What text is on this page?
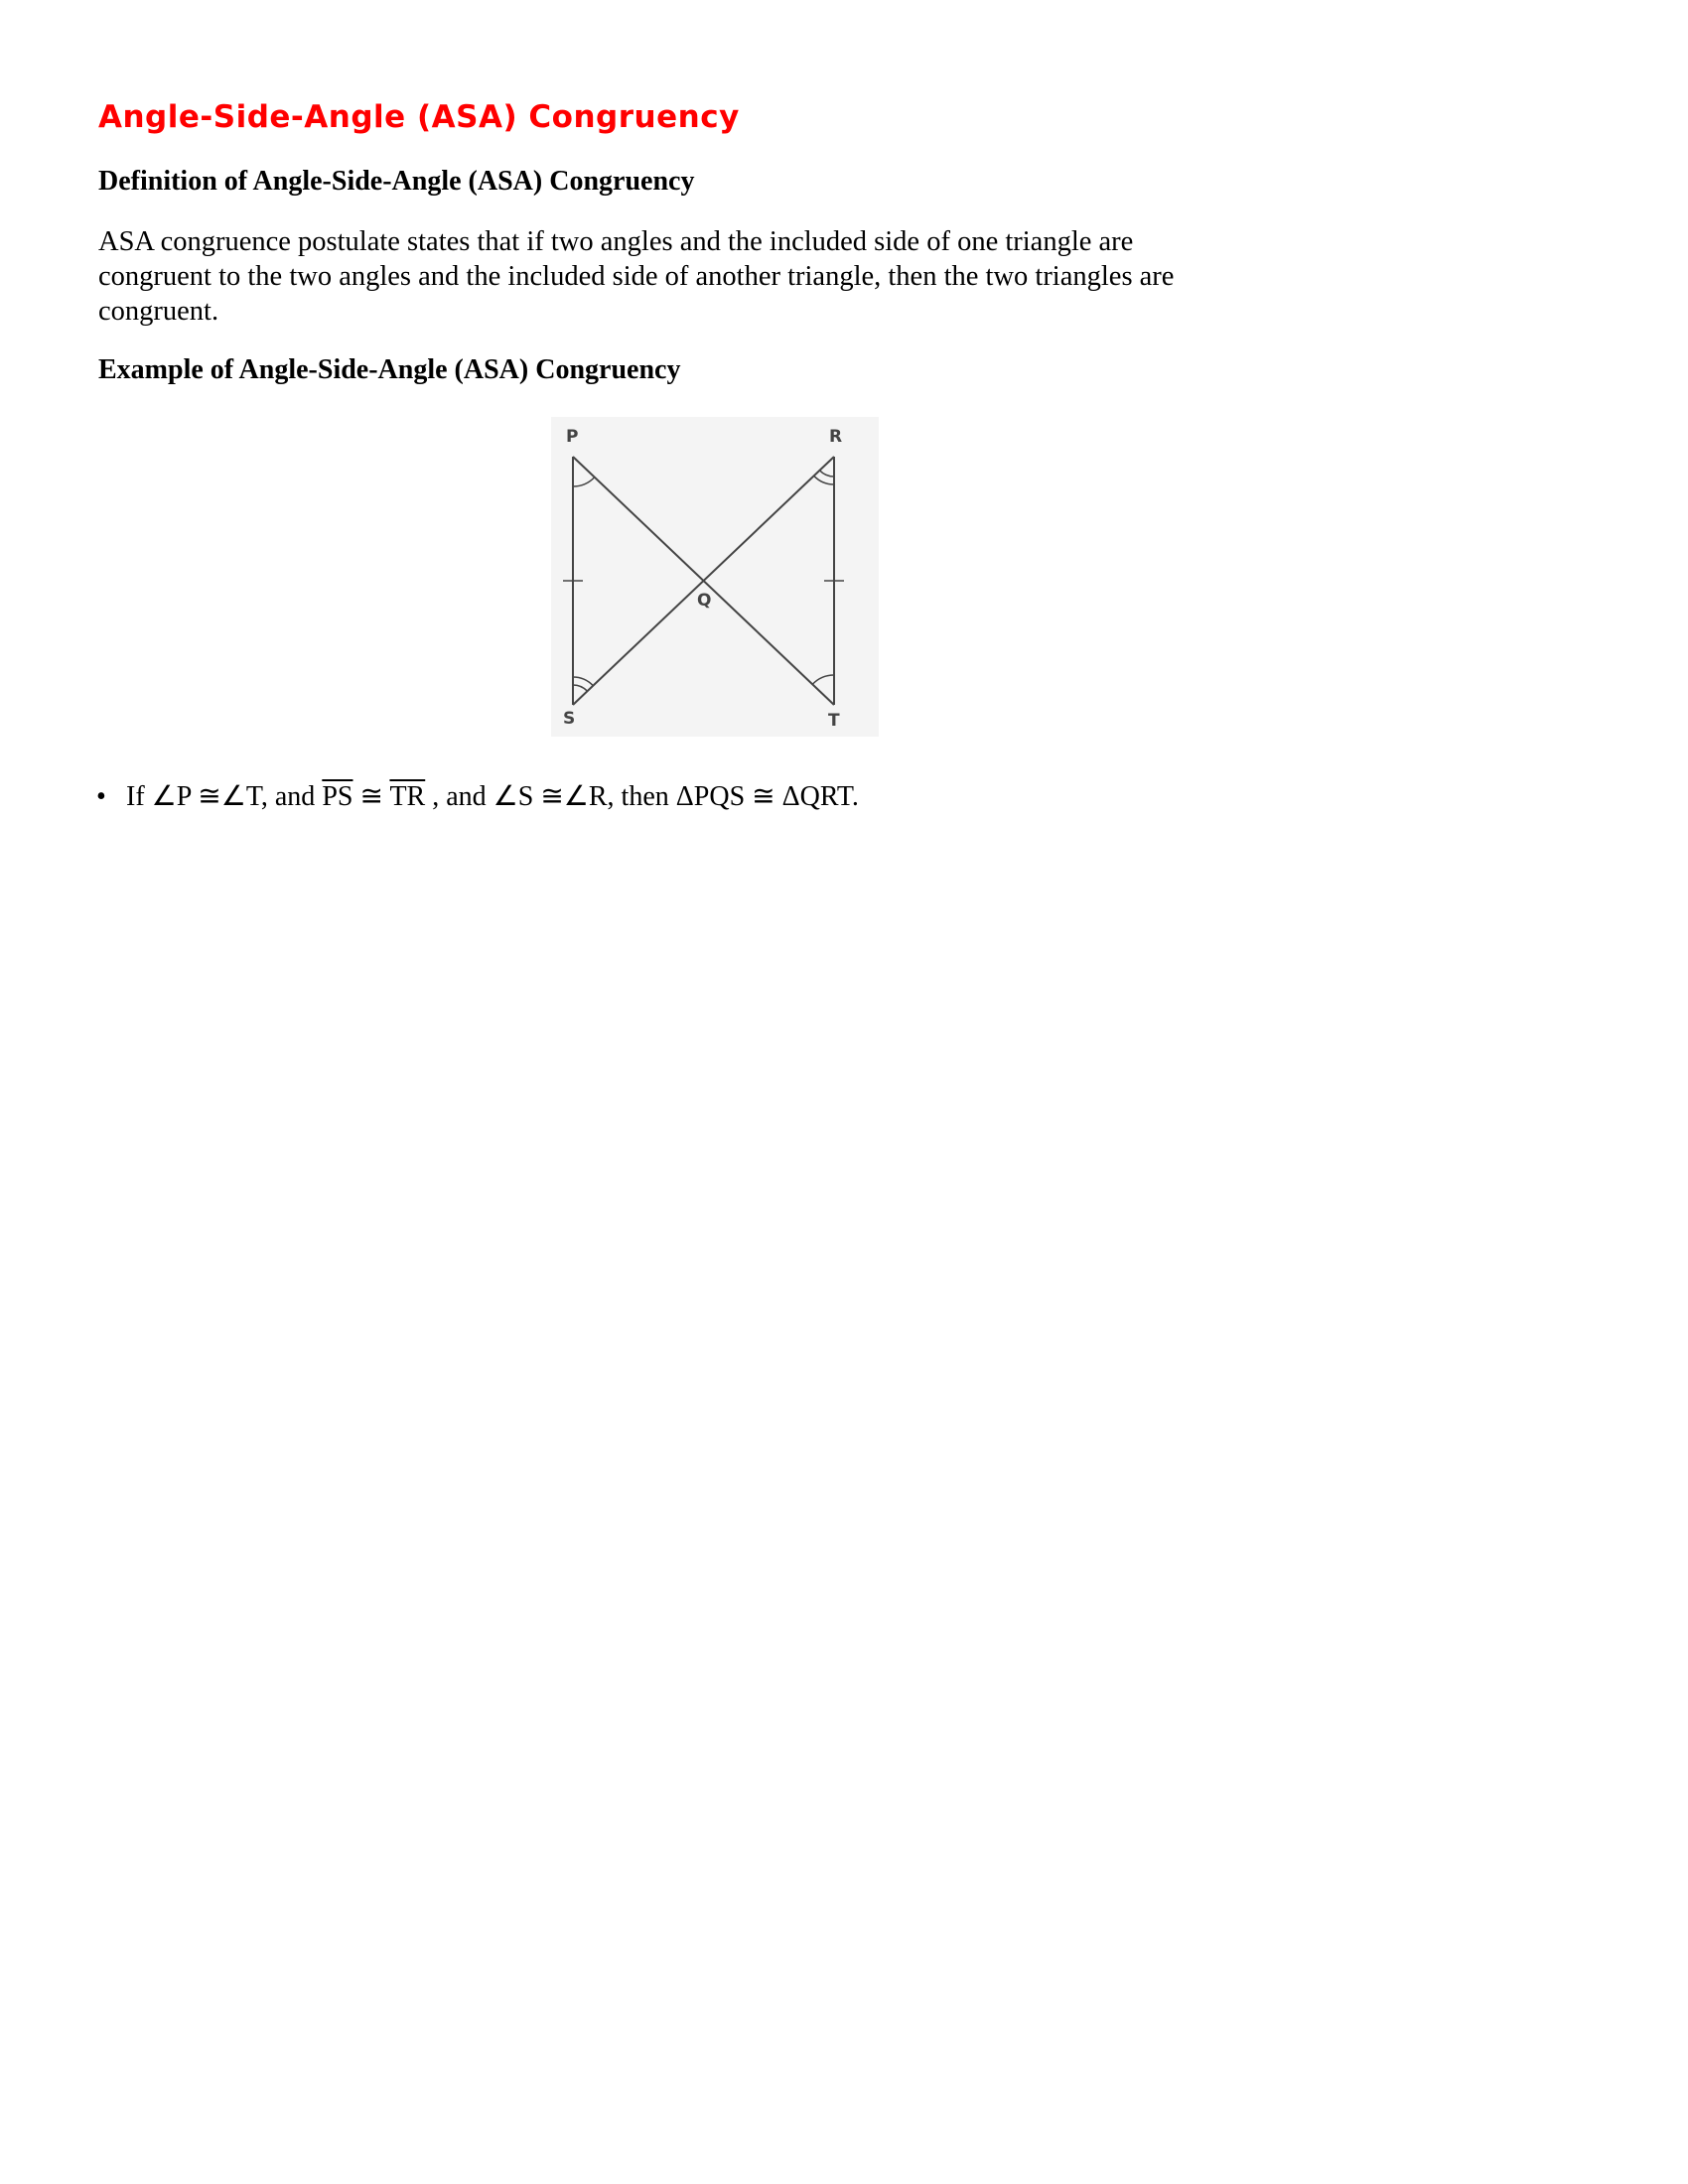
Angle-Side-Angle (ASA) Congruency
Definition of Angle-Side-Angle (ASA) Congruency

ASA congruence postulate states that if two angles and the included side of one triangle are
congruent to the two angles and the included side of another triangle, then the two triangles are
congruent.

Example of Angle-Side-Angle (ASA) Congruency
P	R
Q
S	T

• If ∠P ≅∠T, and $\overline{PS}$ ≅ $\overline{TR}$ , and ∠S ≅∠R, then ΔPQS ≅ ΔQRT.
